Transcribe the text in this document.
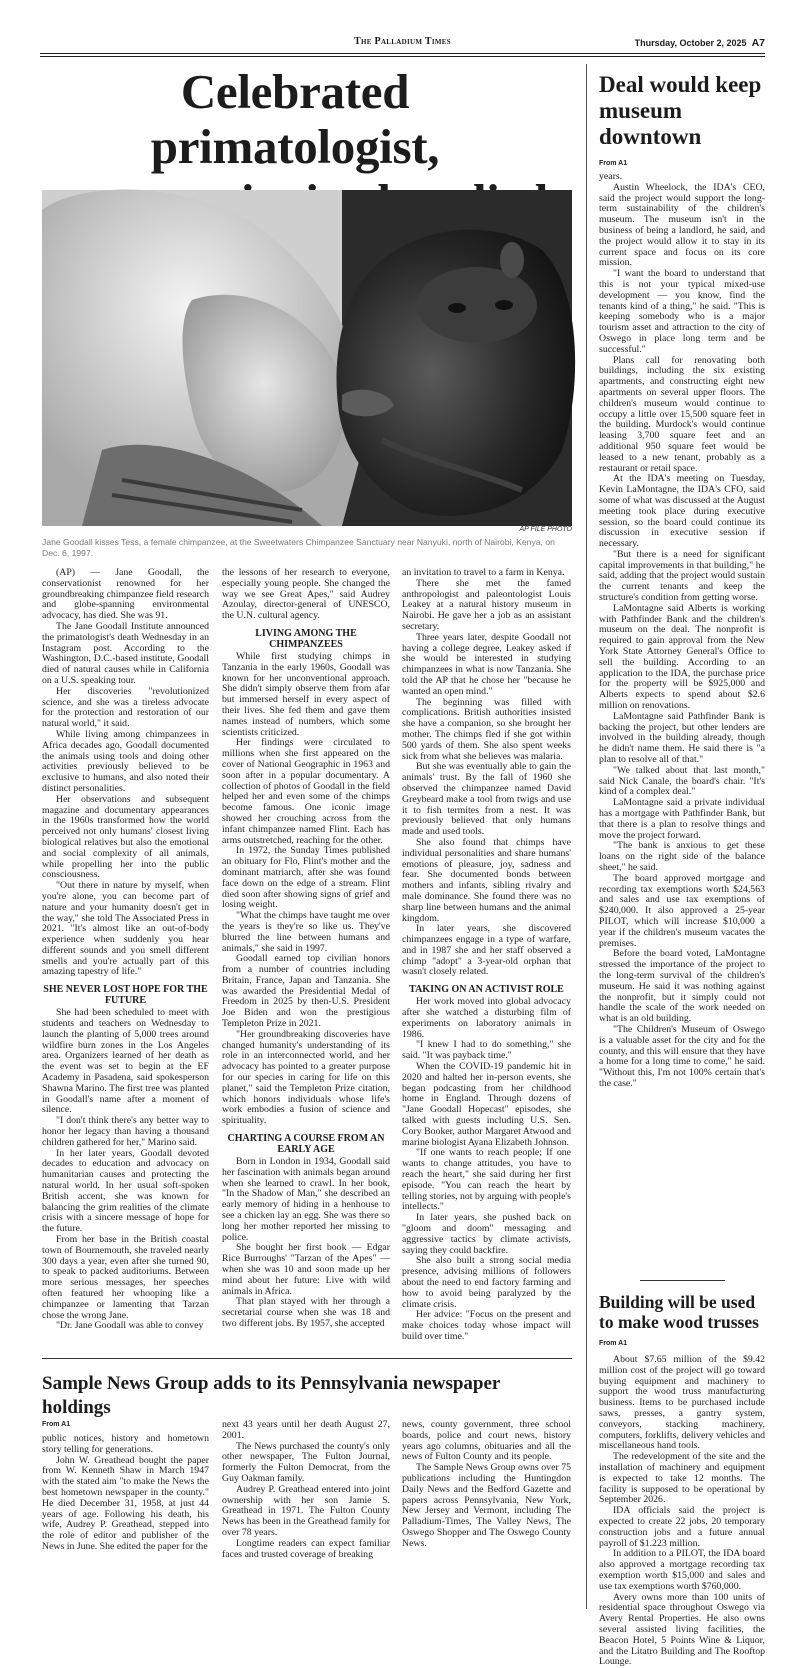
The Palladium Times	Thursday, October 2, 2025 A7
Celebrated primatologist,
AP FILE PHOTO

Jane Goodall kisses Tess, a female chimpanzee, at the Sweetwaters Chimpanzee Sanctuary near Nanyuki, north of Nairobi, Kenya, on Dec. 6, 1997.

(AP) — Jane Goodall, the conservationist renowned for her groundbreaking chimpanzee field research and globe-spanning environmental advocacy, has died. She was 91.

The Jane Goodall Institute announced the primatologist's death Wednesday in an Instagram post. According to the Washington, D.C.-based institute, Goodall died of natural causes while in California on a U.S. speaking tour.

Her discoveries "revolutionized science, and she was a tireless advocate for the protection and restoration of our natural world," it said.

While living among chimpanzees in Africa decades ago, Goodall documented the animals using tools and doing other activities previously believed to be exclusive to humans, and also noted their distinct personalities.

Her observations and subsequent magazine and documentary appearances in the 1960s transformed how the world perceived not only humans' closest living biological relatives but also the emotional and social complexity of all animals, while propelling her into the public consciousness.

"Out there in nature by myself, when you're alone, you can become part of nature and your humanity doesn't get in the way," she told The Associated Press in 2021. "It's almost like an out-of-body experience when suddenly you hear different sounds and you smell different smells and you're actually part of this amazing tapestry of life."

SHE NEVER LOST HOPE FOR THE FUTURE

She had been scheduled to meet with students and teachers on Wednesday to launch the planting of 5,000 trees around wildfire burn zones in the Los Angeles area. Organizers learned of her death as the event was set to begin at the EF Academy in Pasadena, said spokesperson Shawna Marino. The first tree was planted in Goodall's name after a moment of silence.

"I don't think there's any better way to honor her legacy than having a thousand children gathered for her," Marino said.

In her later years, Goodall devoted decades to education and advocacy on humanitarian causes and protecting the natural world. In her usual soft-spoken British accent, she was known for balancing the grim realities of the climate crisis with a sincere message of hope for the future.

From her base in the British coastal town of Bournemouth, she traveled nearly 300 days a year, even after she turned 90, to speak to packed auditoriums. Between more serious messages, her speeches often featured her whooping like a chimpanzee or lamenting that Tarzan chose the wrong Jane.

"Dr. Jane Goodall was able to convey

the lessons of her research to everyone, especially young people. She changed the way we see Great Apes," said Audrey Azoulay, director-general of UNESCO, the U.N. cultural agency.

LIVING AMONG THE CHIMPANZEES

While first studying chimps in Tanzania in the early 1960s, Goodall was known for her unconventional approach. She didn't simply observe them from afar but immersed herself in every aspect of their lives. She fed them and gave them names instead of numbers, which some scientists criticized.

Her findings were circulated to millions when she first appeared on the cover of National Geographic in 1963 and soon after in a popular documentary. A collection of photos of Goodall in the field helped her and even some of the chimps become famous. One iconic image showed her crouching across from the infant chimpanzee named Flint. Each has arms outstretched, reaching for the other.

In 1972, the Sunday Times published an obituary for Flo, Flint's mother and the dominant matriarch, after she was found face down on the edge of a stream. Flint died soon after showing signs of grief and losing weight.

"What the chimps have taught me over the years is they're so like us. They've blurred the line between humans and animals," she said in 1997.

Goodall earned top civilian honors from a number of countries including Britain, France, Japan and Tanzania. She was awarded the Presidential Medal of Freedom in 2025 by then-U.S. President Joe Biden and won the prestigious Templeton Prize in 2021.

"Her groundbreaking discoveries have changed humanity's understanding of its role in an interconnected world, and her advocacy has pointed to a greater purpose for our species in caring for life on this planet," said the Templeton Prize citation, which honors individuals whose life's work embodies a fusion of science and spirituality.

CHARTING A COURSE FROM AN EARLY AGE

Born in London in 1934, Goodall said her fascination with animals began around when she learned to crawl. In her book, "In the Shadow of Man," she described an early memory of hiding in a henhouse to see a chicken lay an egg. She was there so long her mother reported her missing to police.

She bought her first book — Edgar Rice Burroughs' "Tarzan of the Apes" — when she was 10 and soon made up her mind about her future: Live with wild animals in Africa.

That plan stayed with her through a secretarial course when she was 18 and two different jobs. By 1957, she accepted

an invitation to travel to a farm in Kenya.

There she met the famed anthropologist and paleontologist Louis Leakey at a natural history museum in Nairobi. He gave her a job as an assistant secretary.

Three years later, despite Goodall not having a college degree, Leakey asked if she would be interested in studying chimpanzees in what is now Tanzania. She told the AP that he chose her "because he wanted an open mind."

The beginning was filled with complications. British authorities insisted she have a companion, so she brought her mother. The chimps fled if she got within 500 yards of them. She also spent weeks sick from what she believes was malaria.

But she was eventually able to gain the animals' trust. By the fall of 1960 she observed the chimpanzee named David Greybeard make a tool from twigs and use it to fish termites from a nest. It was previously believed that only humans made and used tools.

She also found that chimps have individual personalities and share humans' emotions of pleasure, joy, sadness and fear. She documented bonds between mothers and infants, sibling rivalry and male dominance. She found there was no sharp line between humans and the animal kingdom.

In later years, she discovered chimpanzees engage in a type of warfare, and in 1987 she and her staff observed a chimp "adopt" a 3-year-old orphan that wasn't closely related.

TAKING ON AN ACTIVIST ROLE

Her work moved into global advocacy after she watched a disturbing film of experiments on laboratory animals in 1986.

"I knew I had to do something," she said. "It was payback time."

When the COVID-19 pandemic hit in 2020 and halted her in-person events, she began podcasting from her childhood home in England. Through dozens of "Jane Goodall Hopecast" episodes, she talked with guests including U.S. Sen. Cory Booker, author Margaret Atwood and marine biologist Ayana Elizabeth Johnson.

"If one wants to reach people; If one wants to change attitudes, you have to reach the heart," she said during her first episode. "You can reach the heart by telling stories, not by arguing with people's intellects."

In later years, she pushed back on "gloom and doom" messaging and aggressive tactics by climate activists, saying they could backfire.

She also built a strong social media presence, advising millions of followers about the need to end factory farming and how to avoid being paralyzed by the climate crisis.

Her advice: "Focus on the present and make choices today whose impact will build over time."

Deal would keep museum downtown
From A1

years.

Austin Wheelock, the IDA's CEO, said the project would support the long-term sustainability of the children's museum. The museum isn't in the business of being a landlord, he said, and the project would allow it to stay in its current space and focus on its core mission.

"I want the board to understand that this is not your typical mixed-use development — you know, find the tenants kind of a thing," he said. "This is keeping somebody who is a major tourism asset and attraction to the city of Oswego in place long term and be successful."

Plans call for renovating both buildings, including the six existing apartments, and constructing eight new apartments on several upper floors. The children's museum would continue to occupy a little over 15,500 square feet in the building. Murdock's would continue leasing 3,700 square feet and an additional 950 square feet would be leased to a new tenant, probably as a restaurant or retail space.

At the IDA's meeting on Tuesday, Kevin LaMontagne, the IDA's CFO, said some of what was discussed at the August meeting took place during executive session, so the board could continue its discussion in executive session if necessary.

"But there is a need for significant capital improvements in that building," he said, adding that the project would sustain the current tenants and keep the structure's condition from getting worse.

LaMontagne said Alberts is working with Pathfinder Bank and the children's museum on the deal. The nonprofit is required to gain approval from the New York State Attorney General's Office to sell the building. According to an application to the IDA, the purchase price for the property will be $925,000 and Alberts expects to spend about $2.6 million on renovations.

LaMontagne said Pathfinder Bank is backing the project, but other lenders are involved in the building already, though he didn't name them. He said there is "a plan to resolve all of that."

"We talked about that last month," said Nick Canale, the board's chair. "It's kind of a complex deal."

LaMontagne said a private individual has a mortgage with Pathfinder Bank, but that there is a plan to resolve things and move the project forward.

"The bank is anxious to get these loans on the right side of the balance sheet," he said.

The board approved mortgage and recording tax exemptions worth $24,563 and sales and use tax exemptions of $240,000. It also approved a 25-year PILOT, which will increase $10,000 a year if the children's museum vacates the premises.

Before the board voted, LaMontagne stressed the importance of the project to the long-term survival of the children's museum. He said it was nothing against the nonprofit, but it simply could not handle the scale of the work needed on what is an old building.

"The Children's Museum of Oswego is a valuable asset for the city and for the county, and this will ensure that they have a home for a long time to come," he said. "Without this, I'm not 100% certain that's the case."

Building will be used to make wood trusses
From A1

About $7.65 million of the $9.42 million cost of the project will go toward buying equipment and machinery to support the wood truss manufacturing business. Items to be purchased include saws, presses, a gantry system, conveyors, stacking machinery, computers, forklifts, delivery vehicles and miscellaneous hand tools.

The redevelopment of the site and the installation of machinery and equipment is expected to take 12 months. The facility is supposed to be operational by September 2026.

IDA officials said the project is expected to create 22 jobs, 20 temporary construction jobs and a future annual payroll of $1.223 million.

In addition to a PILOT, the IDA board also approved a mortgage recording tax exemption worth $15,000 and sales and use tax exemptions worth $760,000.

Avery owns more than 100 units of residential space throughout Oswego via Avery Rental Properties. He also owns several assisted living facilities, the Beacon Hotel, 5 Points Wine & Liquor, and the Litatro Building and The Rooftop Lounge.

Sample News Group adds to its Pennsylvania newspaper holdings
From A1

public notices, history and hometown story telling for generations.

John W. Greathead bought the paper from W. Kenneth Shaw in March 1947 with the stated aim "to make the News the best hometown newspaper in the county." He died December 31, 1958, at just 44 years of age. Following his death, his wife, Audrey P. Greathead, stepped into the role of editor and publisher of the News in June. She edited the paper for the

next 43 years until her death August 27, 2001.

The News purchased the county's only other newspaper, The Fulton Journal, formerly the Fulton Democrat, from the Guy Oakman family.

Audrey P. Greathead entered into joint ownership with her son Jamie S. Greathead in 1971. The Fulton County News has been in the Greathead family for over 78 years.

Longtime readers can expect familiar faces and trusted coverage of breaking

news, county government, three school boards, police and court news, history years ago columns, obituaries and all the news of Fulton County and its people.

The Sample News Group owns over 75 publications including the Huntingdon Daily News and the Bedford Gazette and papers across Pennsylvania, New York, New Jersey and Vermont, including The Palladium-Times, The Valley News, The Oswego Shopper and The Oswego County News.
